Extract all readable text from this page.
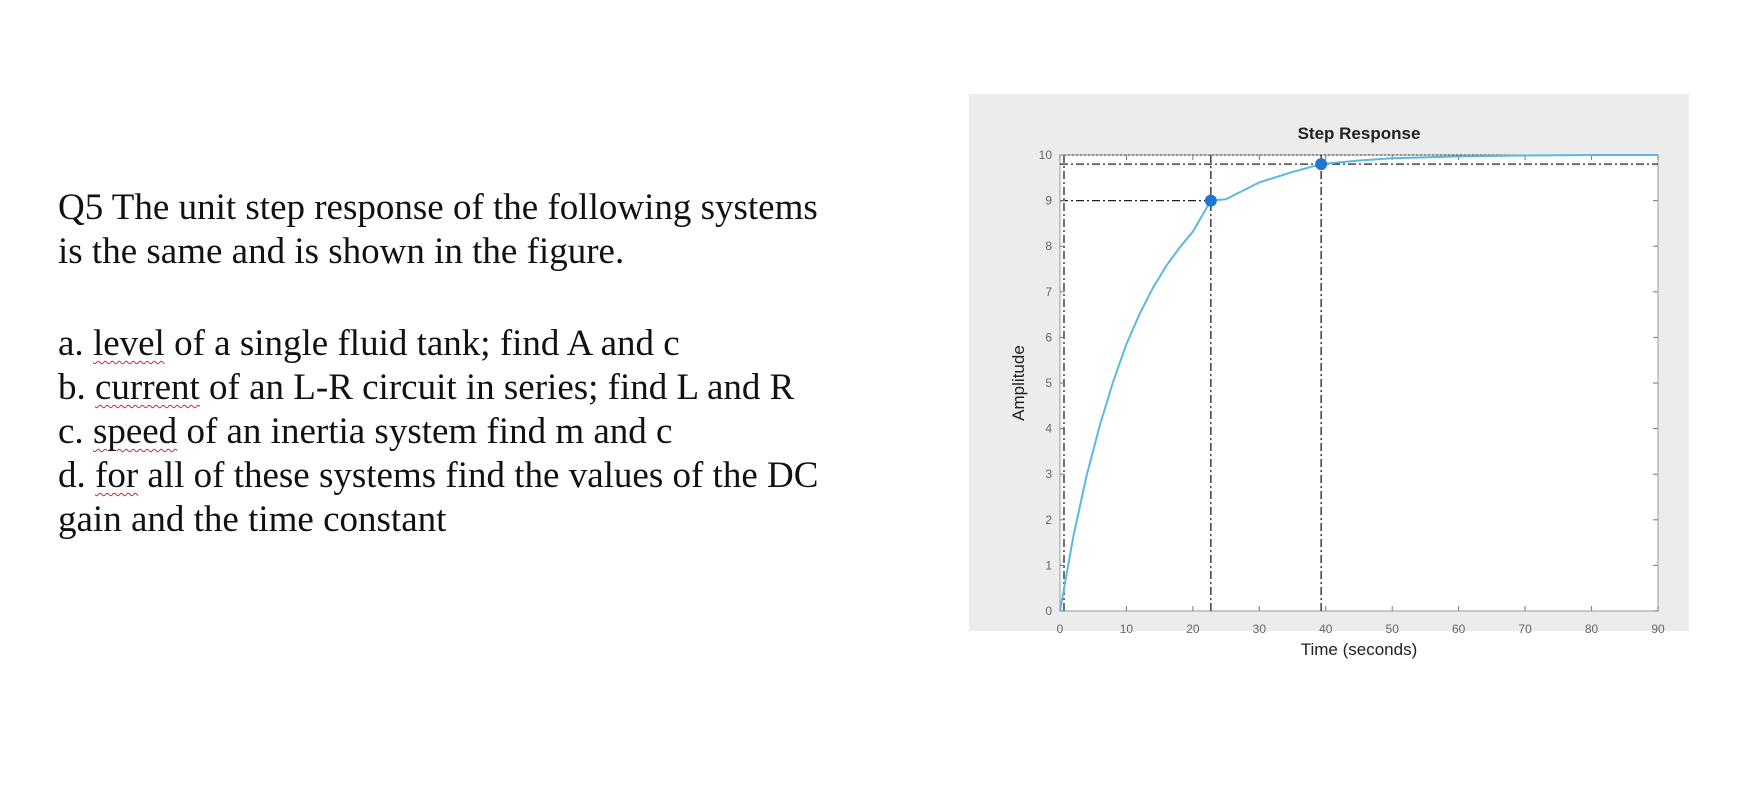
Q5 The unit step response of the following systems

is the same and is shown in the figure.

a. level of a single fluid tank; find A and c

b. current of an L-R circuit in series; find L and R

c. speed of an inertia system find m and c

d. for all of these systems find the values of the DC

gain and the time constant

0	10	20	30	40	50	60	70	80	90
0
1
2
3
4
5
6
7
8
9
10
Step Response
Time (seconds)
Amplitude
